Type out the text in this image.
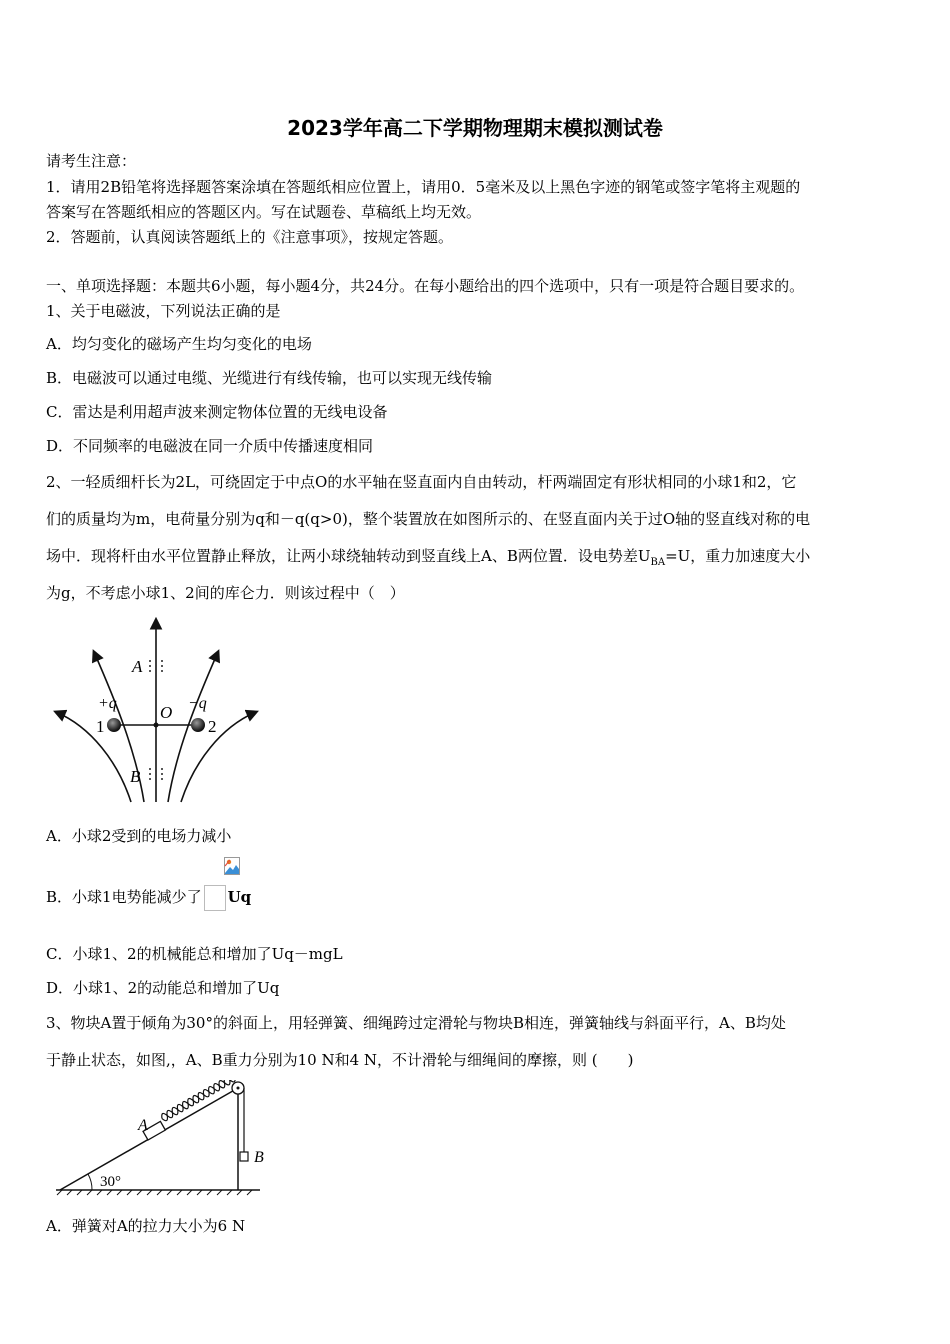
2023学年高二下学期物理期末模拟测试卷
请考生注意：
1．请用2B铅笔将选择题答案涂填在答题纸相应位置上，请用0．5毫米及以上黑色字迹的钢笔或签字笔将主观题的
答案写在答题纸相应的答题区内。写在试题卷、草稿纸上均无效。
2．答题前，认真阅读答题纸上的《注意事项》，按规定答题。
一、单项选择题：本题共6小题，每小题4分，共24分。在每小题给出的四个选项中，只有一项是符合题目要求的。
1、关于电磁波，下列说法正确的是
A．均匀变化的磁场产生均匀变化的电场
B．电磁波可以通过电缆、光缆进行有线传输，也可以实现无线传输
C．雷达是利用超声波来测定物体位置的无线电设备
D．不同频率的电磁波在同一介质中传播速度相同
2、一轻质细杆长为2L，可绕固定于中点O的水平轴在竖直面内自由转动，杆两端固定有形状相同的小球1和2，它
们的质量均为m，电荷量分别为q和－q(q>0)，整个装置放在如图所示的、在竖直面内关于过O轴的竖直线对称的电
场中．现将杆由水平位置静止释放，让两小球绕轴转动到竖直线上A、B两位置．设电势差$U_{BA}=U$，重力加速度大小
为g，不考虑小球1、2间的库仑力．则该过程中（　）
A
B
O
+q	−q
1	2
A．小球2受到的电场力减小
B．小球1电势能减少了 Uq
C．小球1、2的机械能总和增加了Uq－mgL
D．小球1、2的动能总和增加了Uq
3、物块A置于倾角为30°的斜面上，用轻弹簧、细绳跨过定滑轮与物块B相连，弹簧轴线与斜面平行，A、B均处
于静止状态，如图,，A、B重力分别为10 N和4 N，不计滑轮与细绳间的摩擦，则 (　　)
30°
A
B
A．弹簧对A的拉力大小为6 N
